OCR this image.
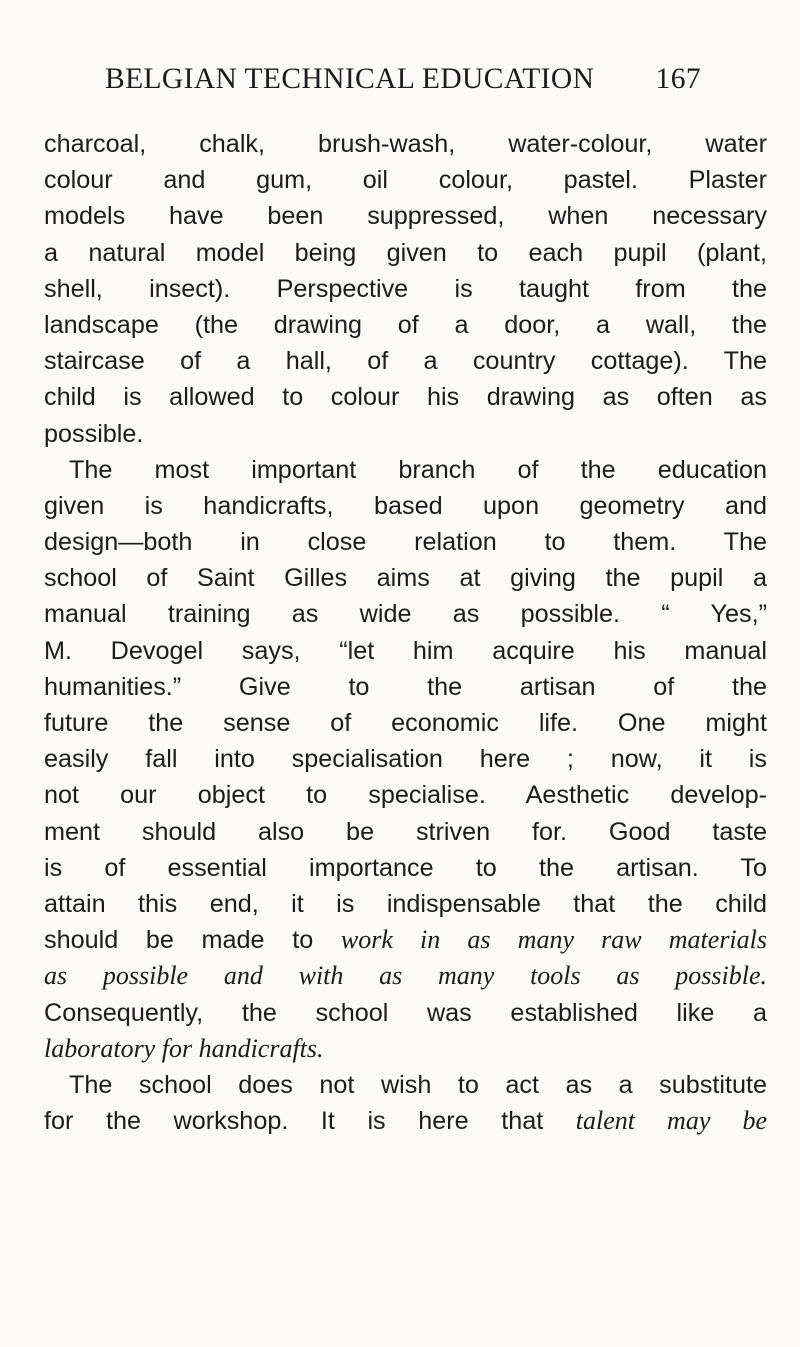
BELGIAN TECHNICAL EDUCATION 167
charcoal, chalk, brush-wash, water-colour, water
colour and gum, oil colour, pastel. Plaster
models have been suppressed, when necessary
a natural model being given to each pupil (plant,
shell, insect). Perspective is taught from the
landscape (the drawing of a door, a wall, the
staircase of a hall, of a country cottage). The
child is allowed to colour his drawing as often as
possible.
The most important branch of the education
given is handicrafts, based upon geometry and
design—both in close relation to them. The
school of Saint Gilles aims at giving the pupil a
manual training as wide as possible. “ Yes,”
M. Devogel says, “let him acquire his manual
humanities.” Give to the artisan of the
future the sense of economic life. One might
easily fall into specialisation here ; now, it is
not our object to specialise. Aesthetic develop-
ment should also be striven for. Good taste
is of essential importance to the artisan. To
attain this end, it is indispensable that the child
should be made to work in as many raw materials
as possible and with as many tools as possible.
Consequently, the school was established like a
laboratory for handicrafts.
The school does not wish to act as a substitute
for the workshop. It is here that talent may be
